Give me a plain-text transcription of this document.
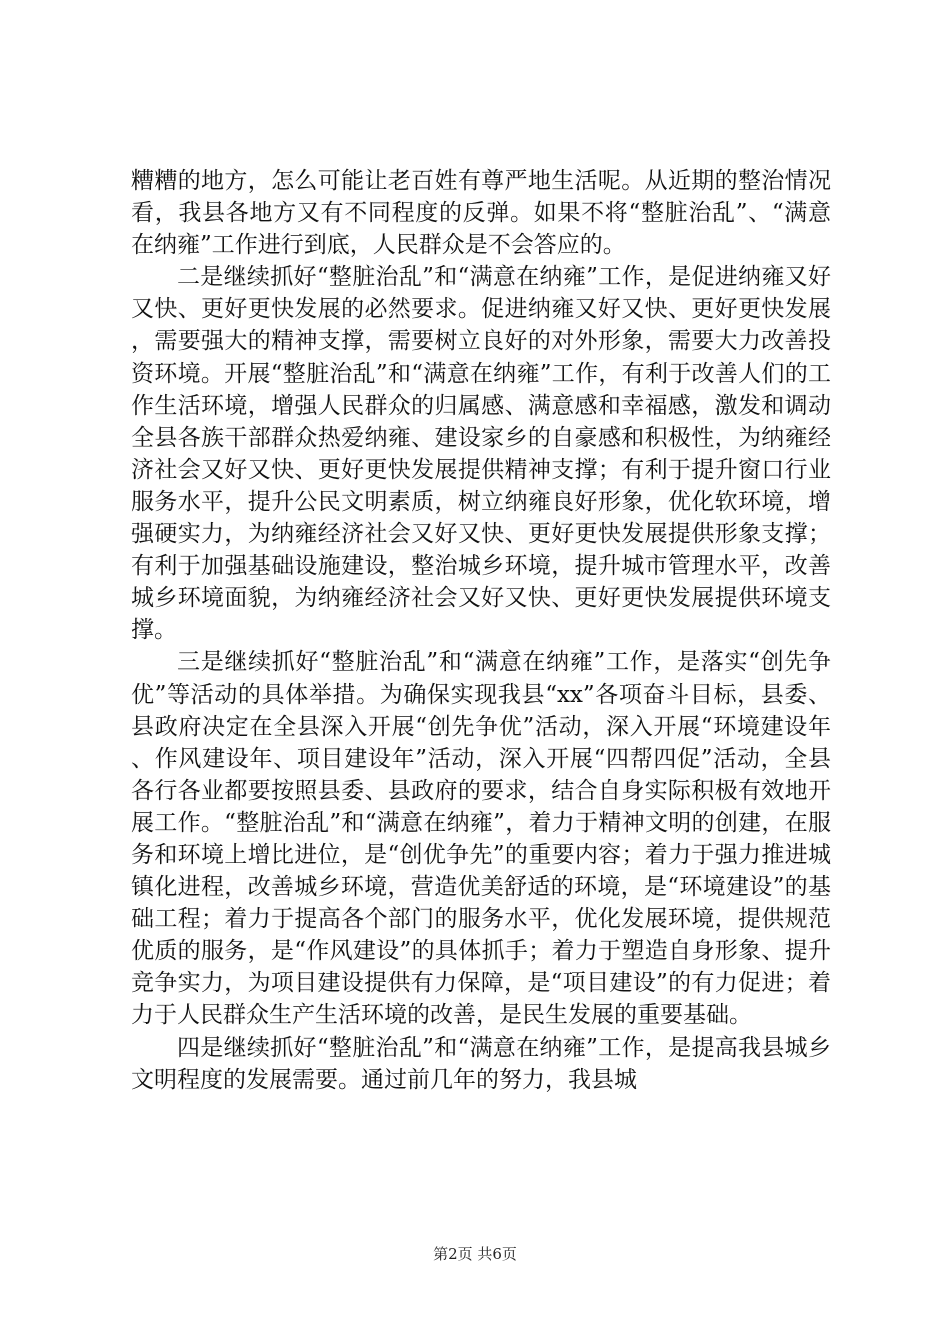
糟糟的地方，怎么可能让老百姓有尊严地生活呢。从近期的整治情况看，我县各地方又有不同程度的反弹。如果不将“整脏治乱”、“满意在纳雍”工作进行到底，人民群众是不会答应的。

二是继续抓好“整脏治乱”和“满意在纳雍”工作，是促进纳雍又好又快、更好更快发展的必然要求。促进纳雍又好又快、更好更快发展，需要强大的精神支撑，需要树立良好的对外形象，需要大力改善投资环境。开展“整脏治乱”和“满意在纳雍”工作，有利于改善人们的工作生活环境，增强人民群众的归属感、满意感和幸福感，激发和调动全县各族干部群众热爱纳雍、建设家乡的自豪感和积极性，为纳雍经济社会又好又快、更好更快发展提供精神支撑；有利于提升窗口行业服务水平，提升公民文明素质，树立纳雍良好形象，优化软环境，增强硬实力，为纳雍经济社会又好又快、更好更快发展提供形象支撑；有利于加强基础设施建设，整治城乡环境，提升城市管理水平，改善城乡环境面貌，为纳雍经济社会又好又快、更好更快发展提供环境支撑。

三是继续抓好“整脏治乱”和“满意在纳雍”工作，是落实“创先争优”等活动的具体举措。为确保实现我县“xx”各项奋斗目标，县委、县政府决定在全县深入开展“创先争优”活动，深入开展“环境建设年、作风建设年、项目建设年”活动，深入开展“四帮四促”活动，全县各行各业都要按照县委、县政府的要求，结合自身实际积极有效地开展工作。“整脏治乱”和“满意在纳雍”，着力于精神文明的创建，在服务和环境上增比进位，是“创优争先”的重要内容；着力于强力推进城镇化进程，改善城乡环境，营造优美舒适的环境，是“环境建设”的基础工程；着力于提高各个部门的服务水平，优化发展环境，提供规范优质的服务，是“作风建设”的具体抓手；着力于塑造自身形象、提升竞争实力，为项目建设提供有力保障，是“项目建设”的有力促进；着力于人民群众生产生活环境的改善，是民生发展的重要基础。

四是继续抓好“整脏治乱”和“满意在纳雍”工作，是提高我县城乡文明程度的发展需要。通过前几年的努力，我县城

第2页 共6页
